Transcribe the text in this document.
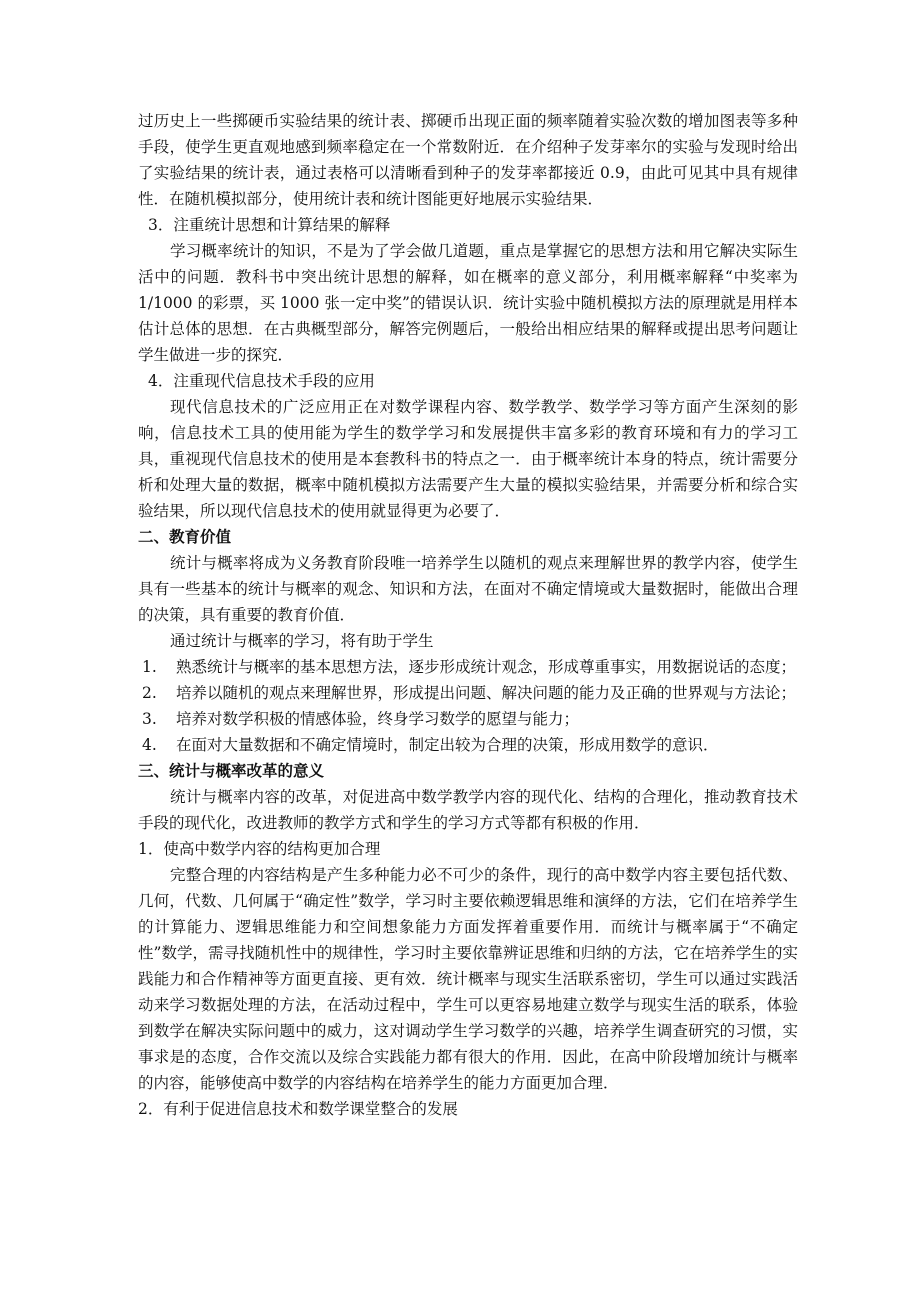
过历史上一些掷硬币实验结果的统计表、掷硬币出现正面的频率随着实验次数的增加图表等多种手段，使学生更直观地感到频率稳定在一个常数附近．在介绍种子发芽率尔的实验与发现时给出了实验结果的统计表，通过表格可以清晰看到种子的发芽率都接近 0.9，由此可见其中具有规律性．在随机模拟部分，使用统计表和统计图能更好地展示实验结果．

3．注重统计思想和计算结果的解释

学习概率统计的知识，不是为了学会做几道题，重点是掌握它的思想方法和用它解决实际生活中的问题．教科书中突出统计思想的解释，如在概率的意义部分，利用概率解释“中奖率为 1/1000 的彩票，买 1000 张一定中奖”的错误认识．统计实验中随机模拟方法的原理就是用样本估计总体的思想．在古典概型部分，解答完例题后，一般给出相应结果的解释或提出思考问题让学生做进一步的探究．

4．注重现代信息技术手段的应用

现代信息技术的广泛应用正在对数学课程内容、数学教学、数学学习等方面产生深刻的影响，信息技术工具的使用能为学生的数学学习和发展提供丰富多彩的教育环境和有力的学习工具，重视现代信息技术的使用是本套教科书的特点之一．由于概率统计本身的特点，统计需要分析和处理大量的数据，概率中随机模拟方法需要产生大量的模拟实验结果，并需要分析和综合实验结果，所以现代信息技术的使用就显得更为必要了．

二、教育价值

统计与概率将成为义务教育阶段唯一培养学生以随机的观点来理解世界的教学内容，使学生具有一些基本的统计与概率的观念、知识和方法，在面对不确定情境或大量数据时，能做出合理的决策，具有重要的教育价值．

通过统计与概率的学习，将有助于学生

1. 熟悉统计与概率的基本思想方法，逐步形成统计观念，形成尊重事实，用数据说话的态度；
2. 培养以随机的观点来理解世界，形成提出问题、解决问题的能力及正确的世界观与方法论；
3. 培养对数学积极的情感体验，终身学习数学的愿望与能力；
4. 在面对大量数据和不确定情境时，制定出较为合理的决策，形成用数学的意识．

三、统计与概率改革的意义

统计与概率内容的改革，对促进高中数学教学内容的现代化、结构的合理化，推动教育技术手段的现代化，改进教师的教学方式和学生的学习方式等都有积极的作用．

1．使高中数学内容的结构更加合理

完整合理的内容结构是产生多种能力必不可少的条件，现行的高中数学内容主要包括代数、几何，代数、几何属于“确定性”数学，学习时主要依赖逻辑思维和演绎的方法，它们在培养学生的计算能力、逻辑思维能力和空间想象能力方面发挥着重要作用．而统计与概率属于“不确定性”数学，需寻找随机性中的规律性，学习时主要依靠辨证思维和归纳的方法，它在培养学生的实践能力和合作精神等方面更直接、更有效．统计概率与现实生活联系密切，学生可以通过实践活动来学习数据处理的方法，在活动过程中，学生可以更容易地建立数学与现实生活的联系，体验到数学在解决实际问题中的威力，这对调动学生学习数学的兴趣，培养学生调查研究的习惯，实事求是的态度，合作交流以及综合实践能力都有很大的作用．因此，在高中阶段增加统计与概率的内容，能够使高中数学的内容结构在培养学生的能力方面更加合理．

2．有利于促进信息技术和数学课堂整合的发展
